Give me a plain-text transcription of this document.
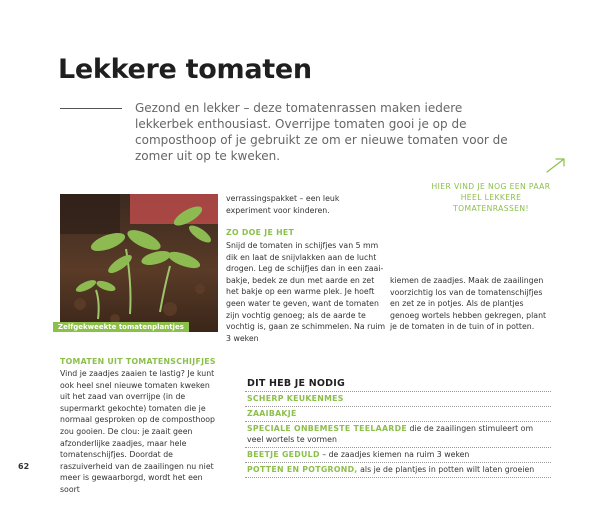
Lekkere tomaten
Gezond en lekker – deze tomatenrassen maken iedere lekkerbek enthousiast. Overrijpe tomaten gooi je op de composthoop of je gebruikt ze om er nieuwe tomaten voor de zomer uit op te kweken.
HIER VIND JE NOG EEN PAAR HEEL LEKKERE TOMATENRASSEN!
Zelfgekweekte tomatenplantjes
verrassingspakket – een leuk experiment voor kinderen.
ZO DOE JE HET
Snijd de tomaten in schijfjes van 5 mm dik en laat de snijvlakken aan de lucht drogen. Leg de schijfjes dan in een zaaibakje, bedek ze dun met aarde en zet het bakje op een warme plek. Je hoeft geen water te geven, want de tomaten zijn vochtig genoeg; als de aarde te vochtig is, gaan ze schimmelen. Na ruim 3 weken
kiemen de zaadjes. Maak de zaailingen voorzichtig los van de tomatenschijfjes en zet ze in potjes. Als de plantjes genoeg wortels hebben gekregen, plant je de tomaten in de tuin of in potten.
TOMATEN UIT TOMATENSCHIJFJES
Vind je zaadjes zaaien te lastig? Je kunt ook heel snel nieuwe tomaten kweken uit het zaad van overrijpe (in de supermarkt gekochte) tomaten die je normaal gesproken op de composthoop zou gooien. De clou: je zaait geen afzonderlijke zaadjes, maar hele tomatenschijfjes. Doordat de raszuiverheid van de zaailingen nu niet meer is gewaarborgd, wordt het een soort
62
DIT HEB JE NODIG
SCHERP KEUKENMES
ZAAIBAKJE
SPECIALE ONBEMESTE TEELAARDE die de zaailingen stimuleert om veel wortels te vormen
BEETJE GEDULD – de zaadjes kiemen na ruim 3 weken
POTTEN EN POTGROND, als je de plantjes in potten wilt laten groeien
